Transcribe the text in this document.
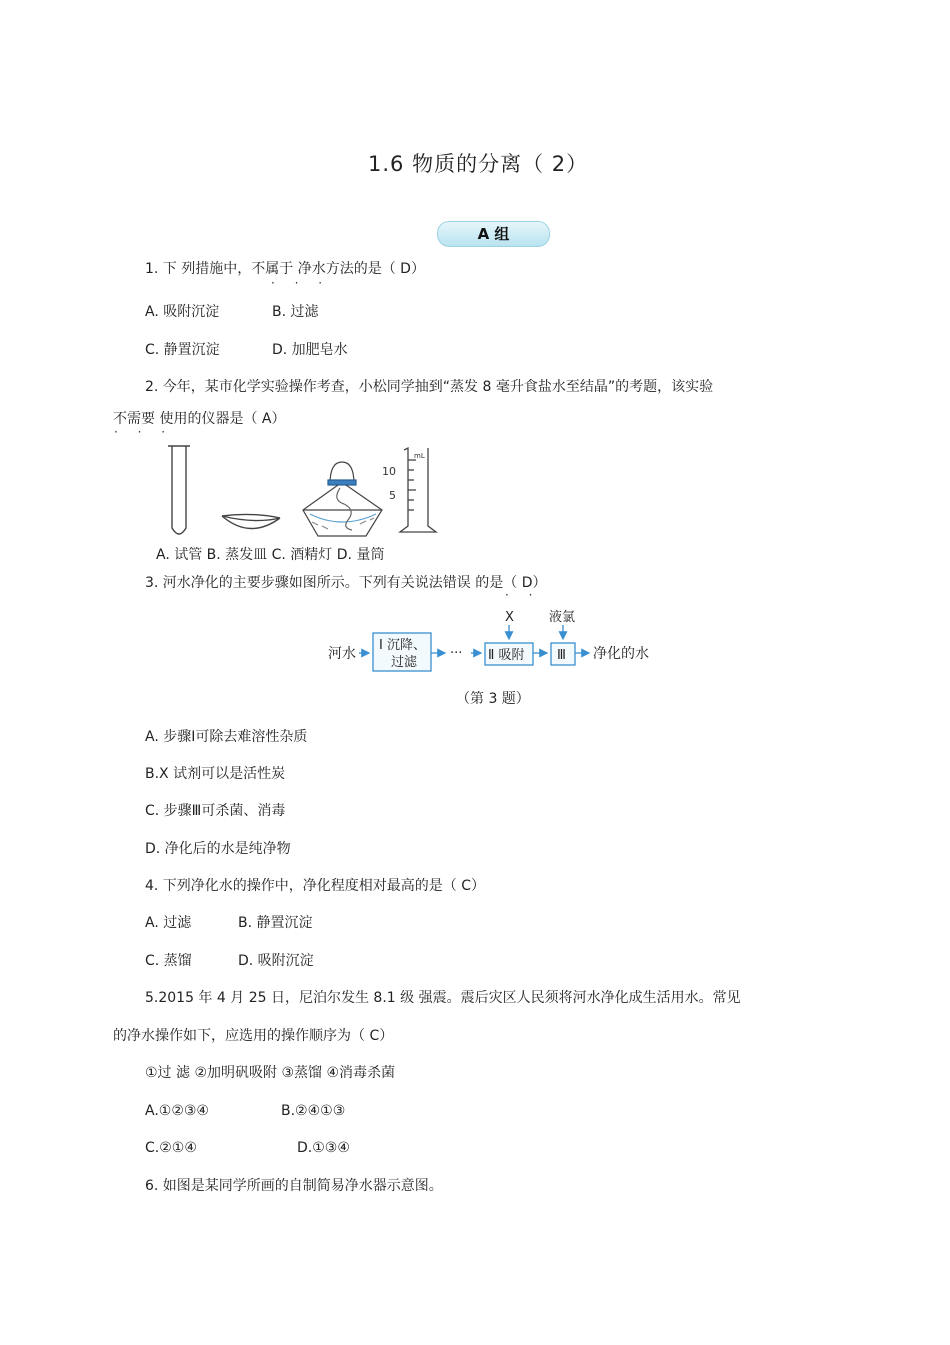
1.6 物质的分离（ 2）
A 组
1. 下 列措施中，不属于 净水方法的是（ D）
· · ·
A. 吸附沉淀	B. 过滤
C. 静置沉淀	D. 加肥皂水
2. 今年，某市化学实验操作考查，小松同学抽到“蒸发 8 毫升食盐水至结晶”的考题，该实验
不需要 使用的仪器是（ A）
· · ·
10
5
mL
A. 试管 B. 蒸发皿 C. 酒精灯 D. 量筒
3. 河水净化的主要步骤如图所示。下列有关说法错误 的是（ D）
· ·
河水
Ⅰ 沉降、
过滤
··· Ⅱ 吸附
X
Ⅲ
液氯
净化的水
（第 3 题）
A. 步骤Ⅰ可除去难溶性杂质
B.X 试剂可以是活性炭
C. 步骤Ⅲ可杀菌、消毒
D. 净化后的水是纯净物
4. 下列净化水的操作中，净化程度相对最高的是（ C）
A. 过滤	B. 静置沉淀
C. 蒸馏	D. 吸附沉淀
5.2015 年 4 月 25 日，尼泊尔发生 8.1 级 强震。震后灾区人民须将河水净化成生活用水。常见
的净水操作如下，应选用的操作顺序为（ C）
①过 滤 ②加明矾吸附 ③蒸馏 ④消毒杀菌
A.①②③④	B.②④①③
C.②①④	D.①③④
6. 如图是某同学所画的自制简易净水器示意图。
